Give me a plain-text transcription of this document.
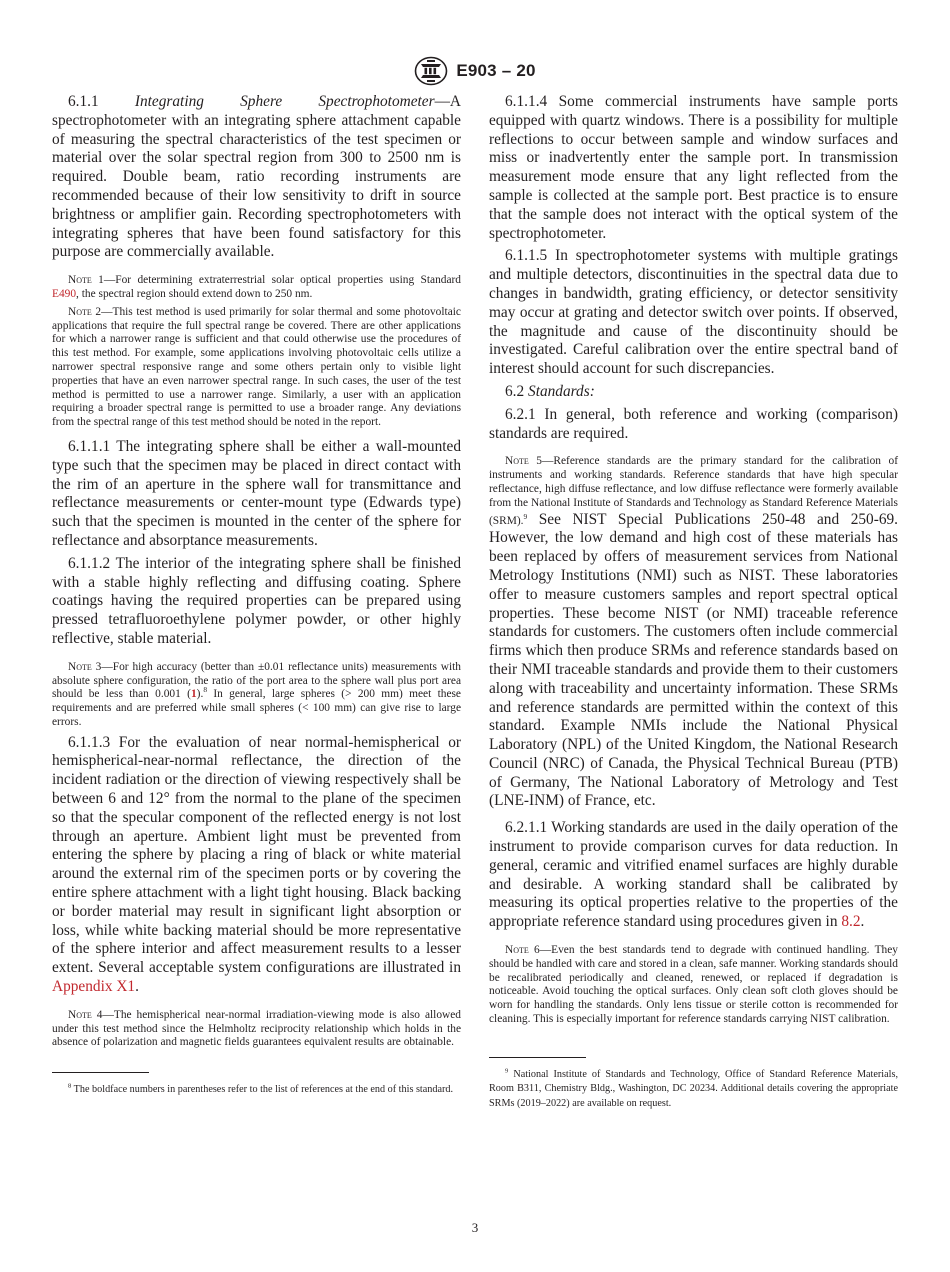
E903 – 20

6.1.1 Integrating Sphere Spectrophotometer—A spectrophotometer with an integrating sphere attachment capable of measuring the spectral characteristics of the test specimen or material over the solar spectral region from 300 to 2500 nm is required. Double beam, ratio recording instruments are recommended because of their low sensitivity to drift in source brightness or amplifier gain. Recording spectrophotometers with integrating spheres that have been found satisfactory for this purpose are commercially available.

Note 1—For determining extraterrestrial solar optical properties using Standard E490, the spectral region should extend down to 250 nm.

Note 2—This test method is used primarily for solar thermal and some photovoltaic applications that require the full spectral range be covered. There are other applications for which a narrower range is sufficient and that could otherwise use the procedures of this test method. For example, some applications involving photovoltaic cells utilize a narrower spectral responsive range and some others pertain only to visible light properties that have an even narrower spectral range. In such cases, the user of the test method is permitted to use a narrower range. Similarly, a user with an application requiring a broader spectral range is permitted to use a broader range. Any deviations from the spectral range of this test method should be noted in the report.

6.1.1.1 The integrating sphere shall be either a wall-mounted type such that the specimen may be placed in direct contact with the rim of an aperture in the sphere wall for transmittance and reflectance measurements or center-mount type (Edwards type) such that the specimen is mounted in the center of the sphere for reflectance and absorptance measurements.

6.1.1.2 The interior of the integrating sphere shall be finished with a stable highly reflecting and diffusing coating. Sphere coatings having the required properties can be prepared using pressed tetrafluoroethylene polymer powder, or other highly reflective, stable material.

Note 3—For high accuracy (better than ±0.01 reflectance units) measurements with absolute sphere configuration, the ratio of the port area to the sphere wall plus port area should be less than 0.001 (1).$^8$ In general, large spheres (> 200 mm) meet these requirements and are preferred while small spheres (< 100 mm) can give rise to large errors.

6.1.1.3 For the evaluation of near normal-hemispherical or hemispherical-near-normal reflectance, the direction of the incident radiation or the direction of viewing respectively shall be between 6 and 12° from the normal to the plane of the specimen so that the specular component of the reflected energy is not lost through an aperture. Ambient light must be prevented from entering the sphere by placing a ring of black or white material around the external rim of the specimen ports or by covering the entire sphere attachment with a light tight housing. Black backing or border material may result in significant light absorption or loss, while white backing material should be more representative of the sphere interior and affect measurement results to a lesser extent. Several acceptable system configurations are illustrated in Appendix X1.

Note 4—The hemispherical near-normal irradiation-viewing mode is also allowed under this test method since the Helmholtz reciprocity relationship which holds in the absence of polarization and magnetic fields guarantees equivalent results are obtainable.

$^8$ The boldface numbers in parentheses refer to the list of references at the end of this standard.

6.1.1.4 Some commercial instruments have sample ports equipped with quartz windows. There is a possibility for multiple reflections to occur between sample and window surfaces and miss or inadvertently enter the sample port. In transmission measurement mode ensure that any light reflected from the sample is collected at the sample port. Best practice is to ensure that the sample does not interact with the optical system of the spectrophotometer.

6.1.1.5 In spectrophotometer systems with multiple gratings and multiple detectors, discontinuities in the spectral data due to changes in bandwidth, grating efficiency, or detector sensitivity may occur at grating and detector switch over points. If observed, the magnitude and cause of the discontinuity should be investigated. Careful calibration over the entire spectral band of interest should account for such discrepancies.

6.2 Standards:

6.2.1 In general, both reference and working (comparison) standards are required.

Note 5—Reference standards are the primary standard for the calibration of instruments and working standards. Reference standards that have high specular reflectance, high diffuse reflectance, and low diffuse reflectance were formerly available from the National Institute of Standards and Technology as Standard Reference Materials (SRM).$^9$ See NIST Special Publications 250-48 and 250-69. However, the low demand and high cost of these materials has been replaced by offers of measurement services from National Metrology Institutions (NMI) such as NIST. These laboratories offer to measure customers samples and report spectral optical properties. These become NIST (or NMI) traceable reference standards for customers. The customers often include commercial firms which then produce SRMs and reference standards based on their NMI traceable standards and provide them to their customers along with traceability and uncertainty information. These SRMs and reference standards are permitted within the context of this standard. Example NMIs include the National Physical Laboratory (NPL) of the United Kingdom, the National Research Council (NRC) of Canada, the Physical Technical Bureau (PTB) of Germany, The National Laboratory of Metrology and Test (LNE-INM) of France, etc.

6.2.1.1 Working standards are used in the daily operation of the instrument to provide comparison curves for data reduction. In general, ceramic and vitrified enamel surfaces are highly durable and desirable. A working standard shall be calibrated by measuring its optical properties relative to the properties of the appropriate reference standard using procedures given in 8.2.

Note 6—Even the best standards tend to degrade with continued handling. They should be handled with care and stored in a clean, safe manner. Working standards should be recalibrated periodically and cleaned, renewed, or replaced if degradation is noticeable. Avoid touching the optical surfaces. Only clean soft cloth gloves should be worn for handling the standards. Only lens tissue or sterile cotton is recommended for cleaning. This is especially important for reference standards carrying NIST calibration.

$^9$ National Institute of Standards and Technology, Office of Standard Reference Materials, Room B311, Chemistry Bldg., Washington, DC 20234. Additional details covering the appropriate SRMs (2019–2022) are available on request.

3
